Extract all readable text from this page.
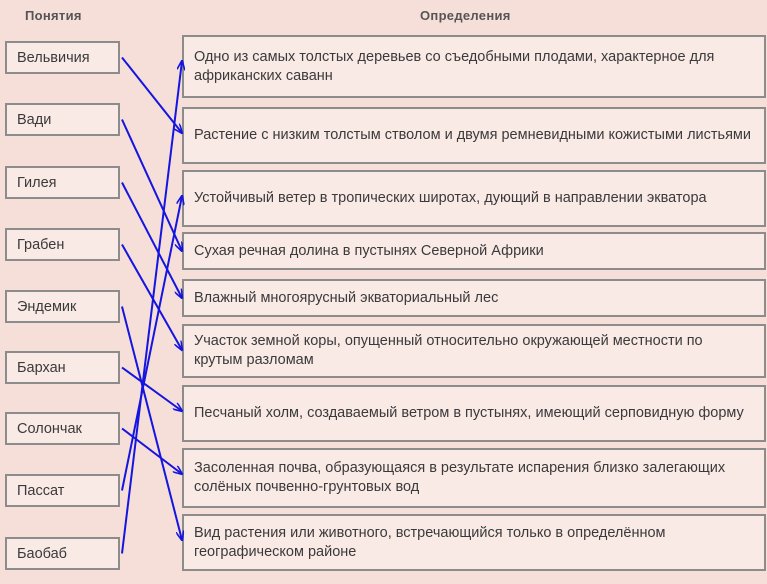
Понятия	Определения
Вельвичия
Вади
Гилея
Грабен
Эндемик
Бархан
Солончак
Пассат
Баобаб
Одно из самых толстых деревьев со съедобными плодами, характерное для африканских саванн
Растение с низким толстым стволом и двумя ремневидными кожистыми листьями
Устойчивый ветер в тропических широтах, дующий в направлении экватора
Сухая речная долина в пустынях Северной Африки
Влажный многоярусный экваториальный лес
Участок земной коры, опущенный относительно окружающей местности по крутым разломам
Песчаный холм, создаваемый ветром в пустынях, имеющий серповидную форму
Засоленная почва, образующаяся в результате испарения близко залегающих солёных почвенно-грунтовых вод
Вид растения или животного, встречающийся только в определённом географическом районе
